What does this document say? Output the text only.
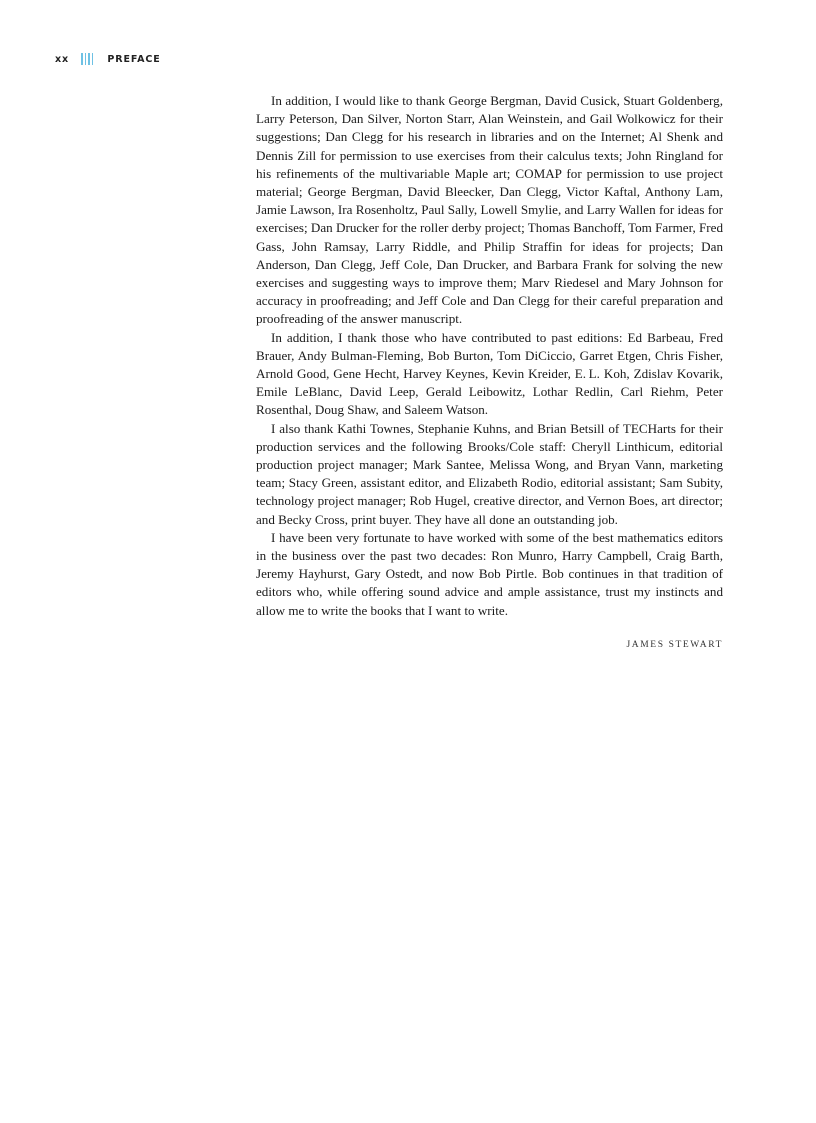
xx	PREFACE

In addition, I would like to thank George Bergman, David Cusick, Stuart Goldenberg, Larry Peterson, Dan Silver, Norton Starr, Alan Weinstein, and Gail Wolkowicz for their suggestions; Dan Clegg for his research in libraries and on the Internet; Al Shenk and Dennis Zill for permission to use exercises from their calculus texts; John Ringland for his refinements of the multivariable Maple art; COMAP for permission to use project material; George Bergman, David Bleecker, Dan Clegg, Victor Kaftal, Anthony Lam, Jamie Lawson, Ira Rosenholtz, Paul Sally, Lowell Smylie, and Larry Wallen for ideas for exercises; Dan Drucker for the roller derby project; Thomas Banchoff, Tom Farmer, Fred Gass, John Ramsay, Larry Riddle, and Philip Straffin for ideas for projects; Dan Anderson, Dan Clegg, Jeff Cole, Dan Drucker, and Barbara Frank for solving the new exercises and suggesting ways to improve them; Marv Riedesel and Mary Johnson for accuracy in proofreading; and Jeff Cole and Dan Clegg for their careful preparation and proofreading of the answer manuscript.

In addition, I thank those who have contributed to past editions: Ed Barbeau, Fred Brauer, Andy Bulman-Fleming, Bob Burton, Tom DiCiccio, Garret Etgen, Chris Fisher, Arnold Good, Gene Hecht, Harvey Keynes, Kevin Kreider, E. L. Koh, Zdislav Kovarik, Emile LeBlanc, David Leep, Gerald Leibowitz, Lothar Redlin, Carl Riehm, Peter Rosenthal, Doug Shaw, and Saleem Watson.

I also thank Kathi Townes, Stephanie Kuhns, and Brian Betsill of TECHarts for their production services and the following Brooks/Cole staff: Cheryll Linthicum, editorial production project manager; Mark Santee, Melissa Wong, and Bryan Vann, marketing team; Stacy Green, assistant editor, and Elizabeth Rodio, editorial assistant; Sam Subity, technology project manager; Rob Hugel, creative director, and Vernon Boes, art director; and Becky Cross, print buyer. They have all done an outstanding job.

I have been very fortunate to have worked with some of the best mathematics editors in the business over the past two decades: Ron Munro, Harry Campbell, Craig Barth, Jeremy Hayhurst, Gary Ostedt, and now Bob Pirtle. Bob continues in that tradition of editors who, while offering sound advice and ample assistance, trust my instincts and allow me to write the books that I want to write.

JAMES STEWART
